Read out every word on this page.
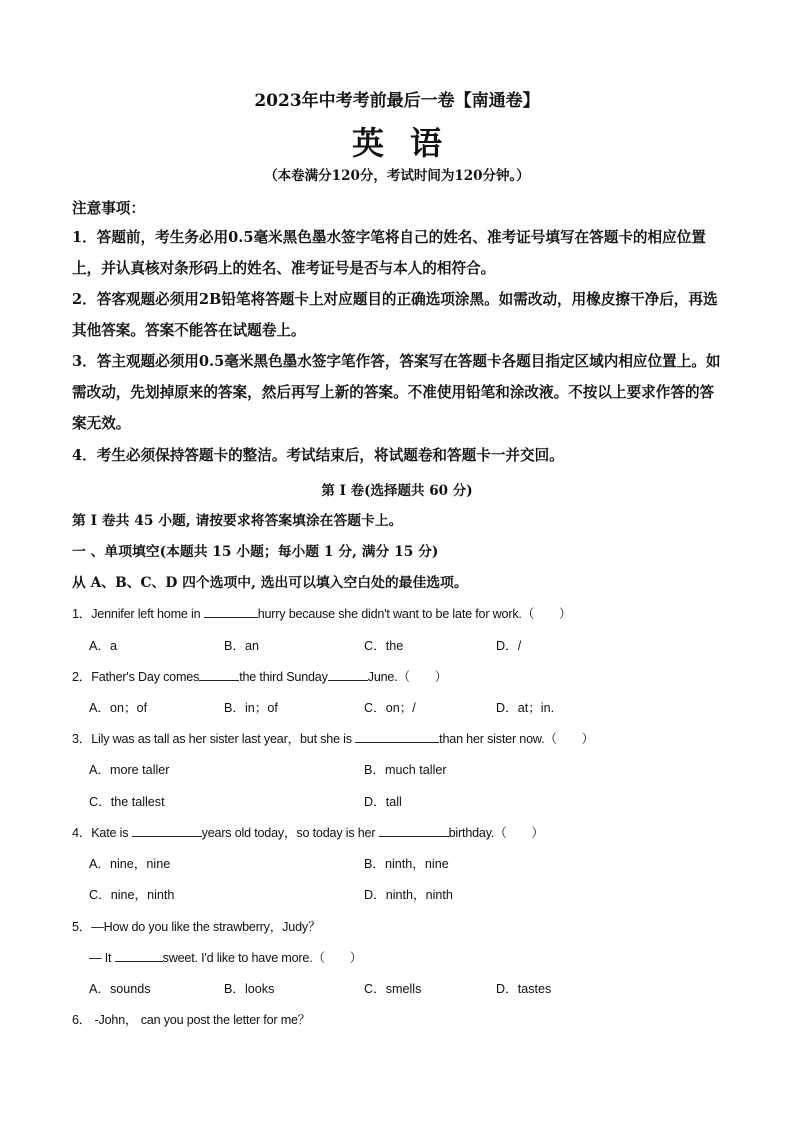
2023年中考考前最后一卷【南通卷】
英语
（本卷满分120分，考试时间为120分钟。）
注意事项：
1．答题前，考生务必用0.5毫米黑色墨水签字笔将自己的姓名、准考证号填写在答题卡的相应位置上，并认真核对条形码上的姓名、准考证号是否与本人的相符合。
2．答客观题必须用2B铅笔将答题卡上对应题目的正确选项涂黑。如需改动，用橡皮擦干净后，再选其他答案。答案不能答在试题卷上。
3．答主观题必须用0.5毫米黑色墨水签字笔作答，答案写在答题卡各题目指定区域内相应位置上。如需改动，先划掉原来的答案，然后再写上新的答案。不准使用铅笔和涂改液。不按以上要求作答的答案无效。
4．考生必须保持答题卡的整洁。考试结束后，将试题卷和答题卡一并交回。
第 I 卷(选择题共 60 分)
第 I 卷共 45 小题, 请按要求将答案填涂在答题卡上。
一 、单项填空(本题共 15 小题；每小题 1 分, 满分 15 分)
从 A、B、C、D 四个选项中, 选出可以填入空白处的最佳选项。
1．Jennifer left home in	hurry because she didn't want to be late for work.（　　）
A．a	B．an	C．the	D．/
2．Father's Day comes	the third Sunday	June.（　　）
A．on；of	B．in；of	C．on；/	D．at；in.
3．Lily was as tall as her sister last year，but she is	than her sister now.（　　）
A．more taller	B．much taller
C．the tallest	D．tall
4．Kate is	years old today，so today is her	birthday.（　　）
A．nine，nine	B．ninth，nine
C．nine，ninth	D．ninth，ninth
5．—How do you like the strawberry，Judy？
— It	sweet. I'd like to have more.（　　）
A．sounds	B．looks	C．smells	D．tastes
6． -John， can you post the letter for me？
